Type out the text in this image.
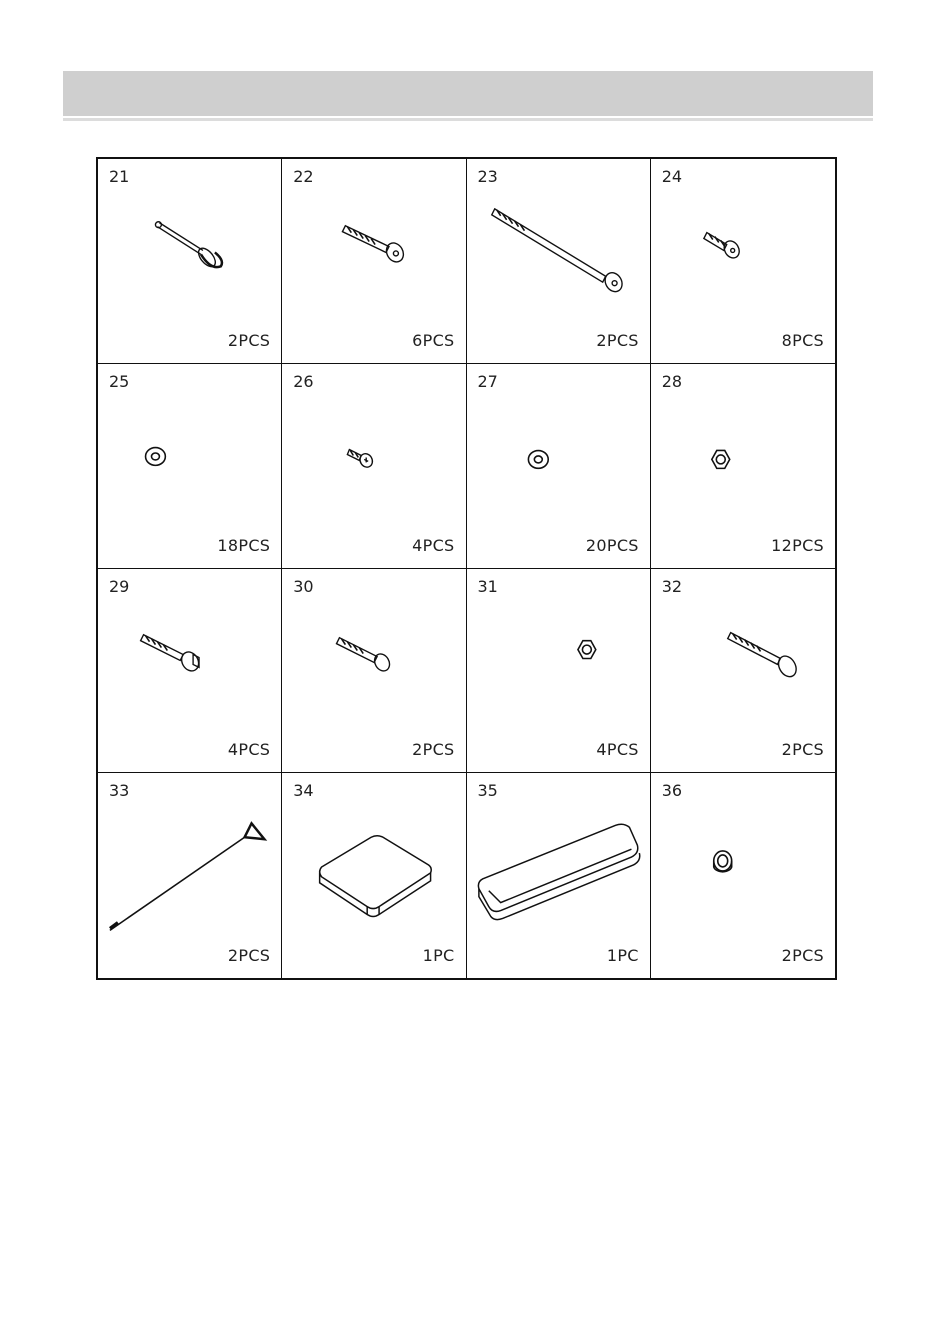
21
2PCS
22
6PCS
23
2PCS
24
8PCS
25
18PCS
26
4PCS
27
20PCS
28
12PCS
29
4PCS
30
2PCS
31
4PCS
32
2PCS
33
2PCS
34
1PC
35
1PC
36
2PCS
